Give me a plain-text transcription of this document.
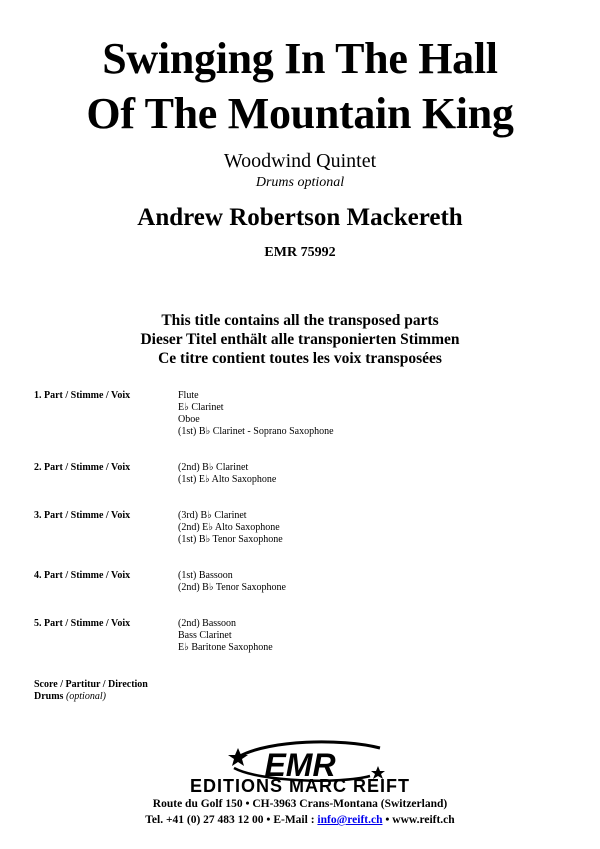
Swinging In The Hall
Of The Mountain King
Woodwind Quintet
Drums optional
Andrew Robertson Mackereth
EMR 75992
This title contains all the transposed parts
Dieser Titel enthält alle transponierten Stimmen
Ce titre contient toutes les voix transposées
1. Part / Stimme / Voix	Flute
E♭ Clarinet
Oboe
(1st) B♭ Clarinet - Soprano Saxophone
2. Part / Stimme / Voix	(2nd) B♭ Clarinet
(1st) E♭ Alto Saxophone
3. Part / Stimme / Voix	(3rd) B♭ Clarinet
(2nd) E♭ Alto Saxophone
(1st) B♭ Tenor Saxophone
4. Part / Stimme / Voix	(1st) Bassoon
(2nd) B♭ Tenor Saxophone
5. Part / Stimme / Voix	(2nd) Bassoon
Bass Clarinet
E♭ Baritone Saxophone
Score / Partitur / Direction
Drums (optional)
EMR
EDITIONS MARC REIFT
Route du Golf 150 • CH-3963 Crans-Montana (Switzerland)
Tel. +41 (0) 27 483 12 00 • E-Mail : info@reift.ch • www.reift.ch
